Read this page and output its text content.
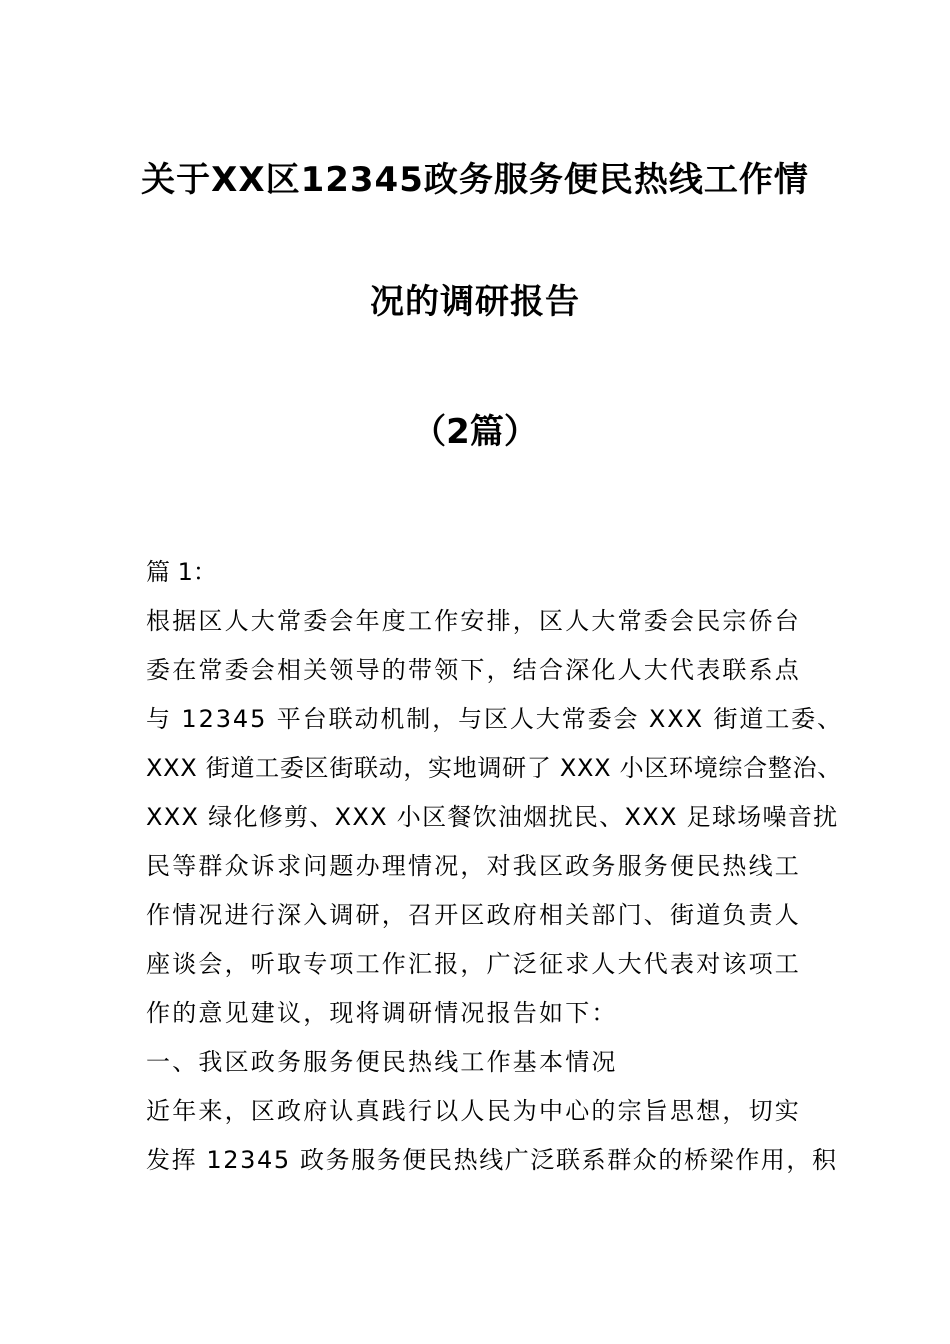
关于XX区12345政务服务便民热线工作情
况的调研报告
（2篇）
篇 1：
根据区人大常委会年度工作安排，区人大常委会民宗侨台
委在常委会相关领导的带领下，结合深化人大代表联系点
与 12345 平台联动机制，与区人大常委会 XXX 街道工委、
XXX 街道工委区街联动，实地调研了 XXX 小区环境综合整治、
XXX 绿化修剪、XXX 小区餐饮油烟扰民、XXX 足球场噪音扰
民等群众诉求问题办理情况，对我区政务服务便民热线工
作情况进行深入调研，召开区政府相关部门、街道负责人
座谈会，听取专项工作汇报，广泛征求人大代表对该项工
作的意见建议，现将调研情况报告如下：
一、我区政务服务便民热线工作基本情况
近年来，区政府认真践行以人民为中心的宗旨思想，切实
发挥 12345 政务服务便民热线广泛联系群众的桥梁作用，积
